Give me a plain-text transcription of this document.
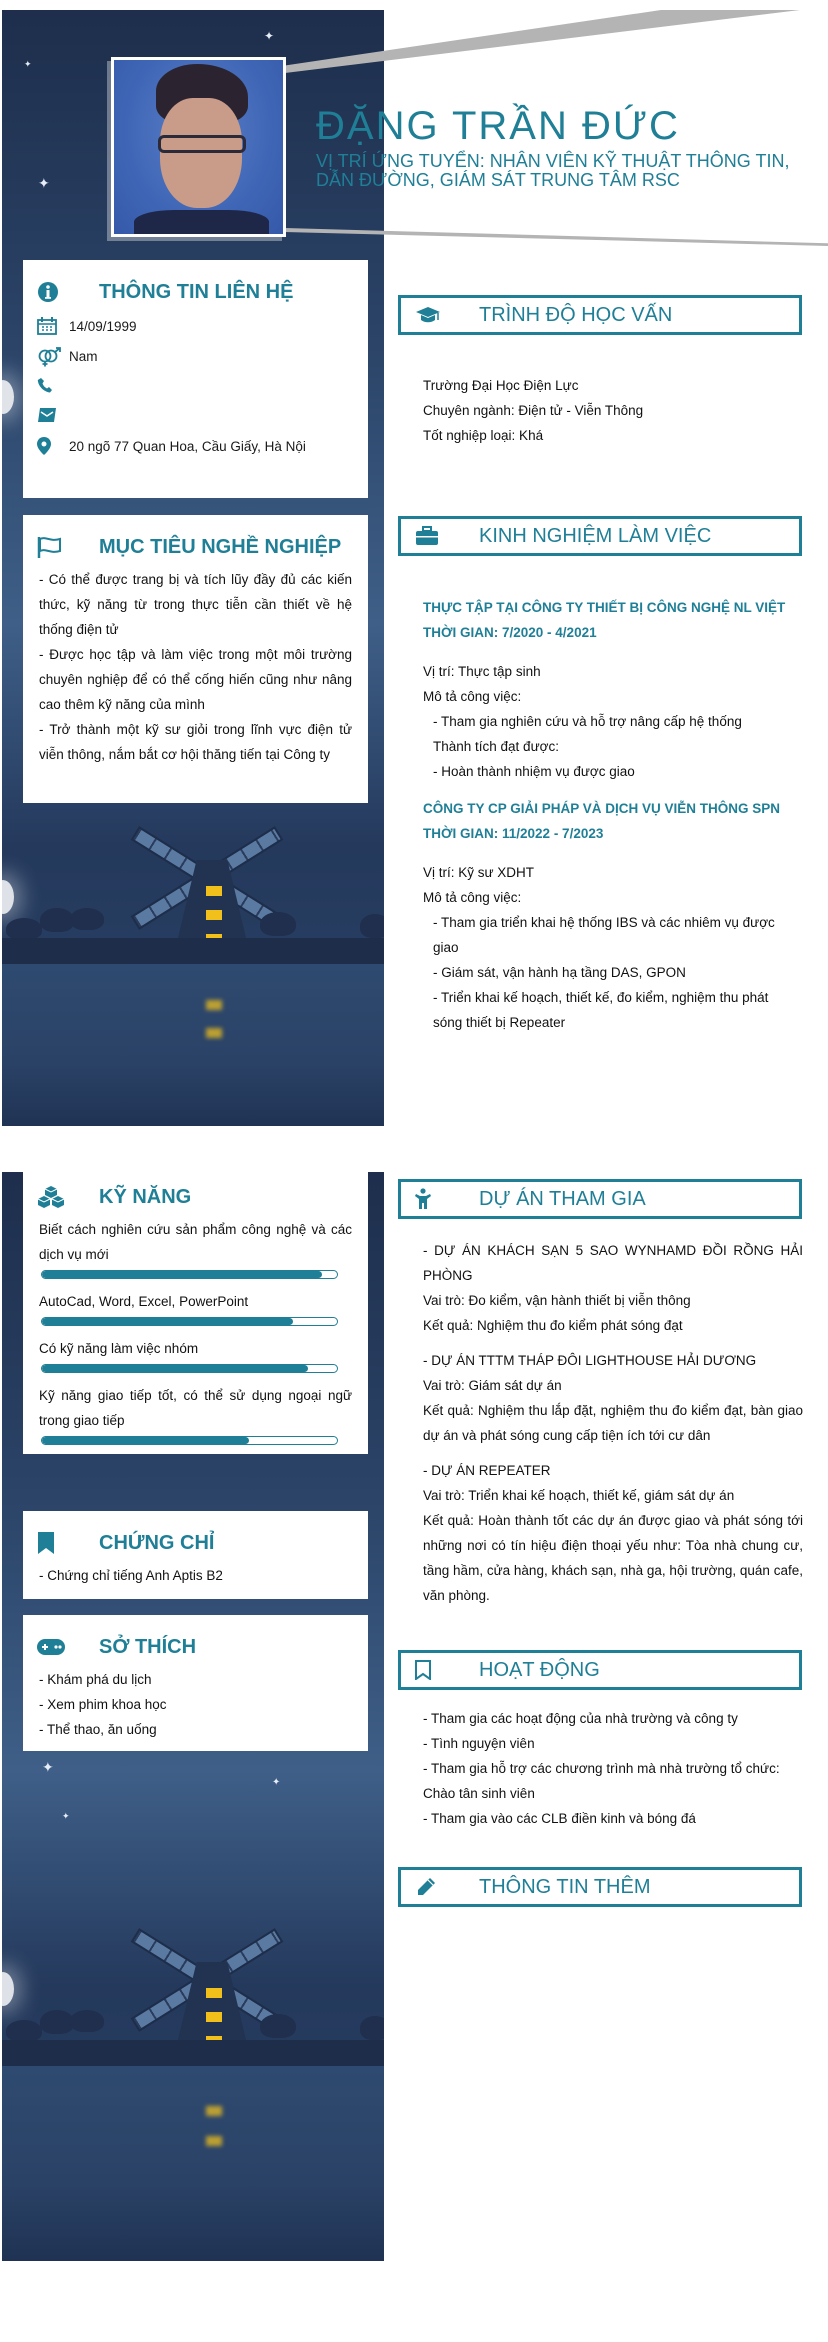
✦
✦
✦
ĐẶNG TRẦN ĐỨC
VỊ TRÍ ỨNG TUYỂN: NHÂN VIÊN KỸ THUẬT THÔNG TIN, DẪN ĐƯỜNG, GIÁM SÁT TRUNG TÂM RSC
THÔNG TIN LIÊN HỆ
14/09/1999
Nam
20 ngõ 77 Quan Hoa, Cầu Giấy, Hà Nội
MỤC TIÊU NGHỀ NGHIỆP

- Có thể được trang bị và tích lũy đầy đủ các kiến thức, kỹ năng từ trong thực tiễn cần thiết về hệ thống điện tử

- Được học tập và làm việc trong một môi trường chuyên nghiệp để có thể cống hiến cũng như nâng cao thêm kỹ năng của mình

- Trở thành một kỹ sư giỏi trong lĩnh vực điện tử viễn thông, nắm bắt cơ hội thăng tiến tại Công ty

TRÌNH ĐỘ HỌC VẤN
Trường Đại Học Điện Lực
Chuyên ngành: Điện tử - Viễn Thông
Tốt nghiệp loại: Khá
KINH NGHIỆM LÀM VIỆC
THỰC TẬP TẠI CÔNG TY THIẾT BỊ CÔNG NGHỆ NL VIỆT
THỜI GIAN: 7/2020 - 4/2021
Vị trí: Thực tập sinh
Mô tả công việc:
- Tham gia nghiên cứu và hỗ trợ nâng cấp hệ thống
Thành tích đạt được:
- Hoàn thành nhiệm vụ được giao
CÔNG TY CP GIẢI PHÁP VÀ DỊCH VỤ VIỄN THÔNG SPN
THỜI GIAN: 11/2022 - 7/2023
Vị trí: Kỹ sư XDHT
Mô tả công việc:
- Tham gia triển khai hệ thống IBS và các nhiêm vụ được giao
- Giám sát, vận hành hạ tầng DAS, GPON
- Triển khai kế hoạch, thiết kế, đo kiểm, nghiệm thu phát sóng thiết bị Repeater
✦
✦
✦
KỸ NĂNG

Biết cách nghiên cứu sản phẩm công nghệ và các dịch vụ mới

AutoCad, Word, Excel, PowerPoint

Có kỹ năng làm việc nhóm

Kỹ năng giao tiếp tốt, có thể sử dụng ngoại ngữ trong giao tiếp

CHỨNG CHỈ

- Chứng chỉ tiếng Anh Aptis B2

SỞ THÍCH

- Khám phá du lịch

- Xem phim khoa học

- Thể thao, ăn uống

DỰ ÁN THAM GIA
- DỰ ÁN KHÁCH SẠN 5 SAO WYNHAMD ĐỒI RỒNG HẢI PHÒNG
Vai trò: Đo kiểm, vận hành thiết bị viễn thông
Kết quả: Nghiệm thu đo kiểm phát sóng đạt
- DỰ ÁN TTTM THÁP ĐÔI LIGHTHOUSE HẢI DƯƠNG
Vai trò: Giám sát dự án
Kết quả: Nghiệm thu lắp đặt, nghiệm thu đo kiểm đạt, bàn giao dự án và phát sóng cung cấp tiện ích tới cư dân
- DỰ ÁN REPEATER
Vai trò: Triển khai kế hoạch, thiết kế, giám sát dự án
Kết quả: Hoàn thành tốt các dự án được giao và phát sóng tới những nơi có tín hiệu điện thoại yếu như: Tòa nhà chung cư, tầng hầm, cửa hàng, khách sạn, nhà ga, hội trường, quán cafe, văn phòng.
HOẠT ĐỘNG
- Tham gia các hoạt động của nhà trường và công ty
- Tình nguyện viên
- Tham gia hỗ trợ các chương trình mà nhà trường tổ chức: Chào tân sinh viên
- Tham gia vào các CLB điền kinh và bóng đá
THÔNG TIN THÊM
